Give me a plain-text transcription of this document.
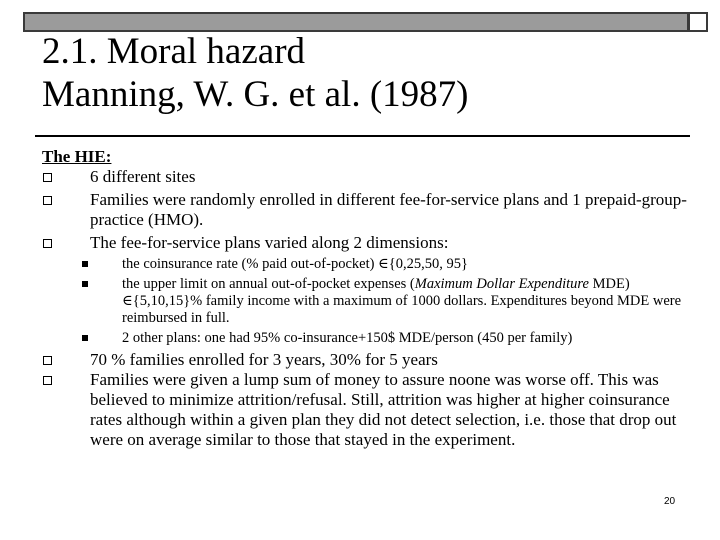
2.1. Moral hazard
Manning, W. G. et al. (1987)
The HIE:
6 different sites
Families were randomly enrolled in different fee-for-service plans and 1 prepaid-group-practice (HMO).
The fee-for-service plans varied along 2 dimensions:
the coinsurance rate (% paid out-of-pocket) ∈{0,25,50, 95}
the upper limit on annual out-of-pocket expenses (Maximum Dollar Expenditure MDE) ∈{5,10,15}% family income with a maximum of 1000 dollars. Expenditures beyond MDE were reimbursed in full.
2 other plans: one had 95% co-insurance+150$ MDE/person (450 per family)
70 % families enrolled for 3 years, 30% for 5 years
Families were given a lump sum of money to assure noone was worse off. This was believed to minimize attrition/refusal. Still, attrition was higher at higher coinsurance rates although within a given plan they did not detect selection, i.e. those that drop out were on average similar to those that stayed in the experiment.
20
